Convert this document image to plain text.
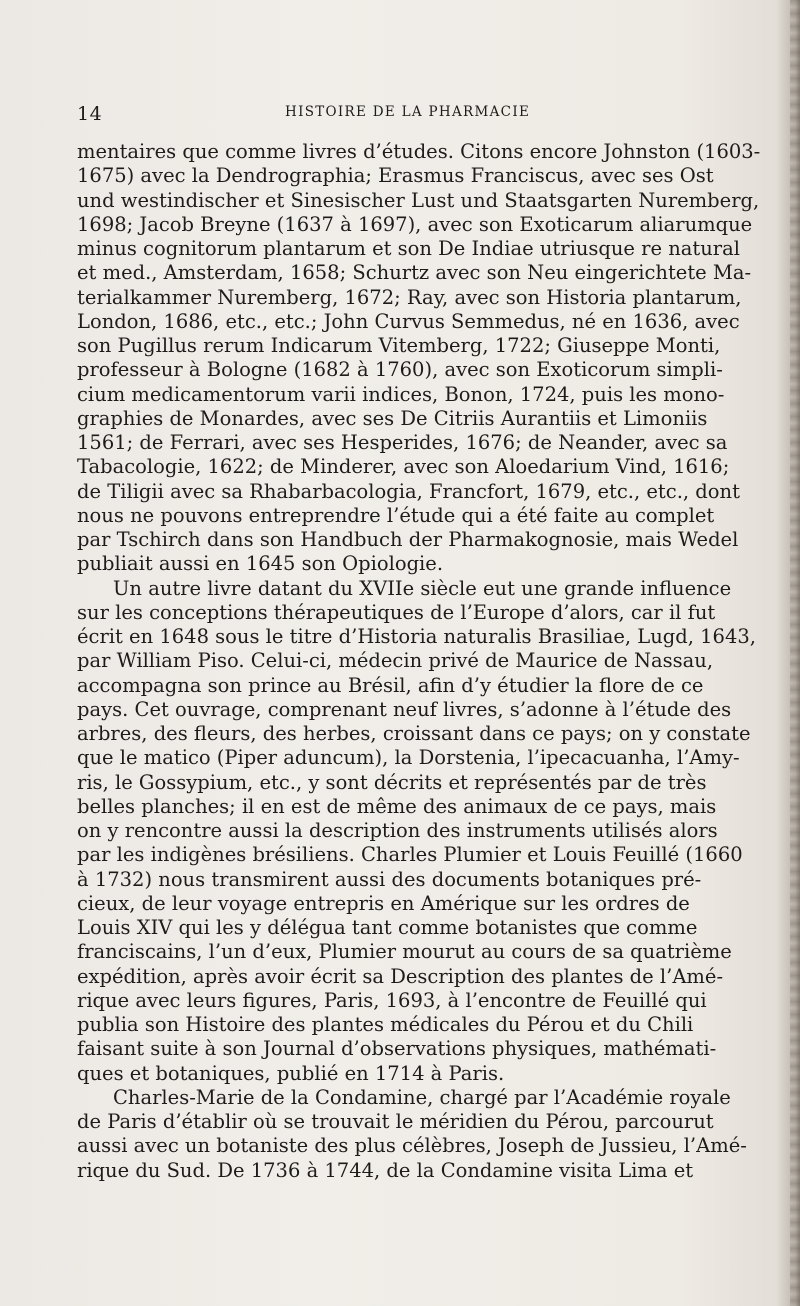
14	HISTOIRE DE LA PHARMACIE
mentaires que comme livres d’études. Citons encore Johnston (1603-
1675) avec la Dendrographia; Erasmus Franciscus, avec ses Ost
und westindischer et Sinesischer Lust und Staatsgarten Nuremberg,
1698; Jacob Breyne (1637 à 1697), avec son Exoticarum aliarumque
minus cognitorum plantarum et son De Indiae utriusque re natural
et med., Amsterdam, 1658; Schurtz avec son Neu eingerichtete Ma-
terialkammer Nuremberg, 1672; Ray, avec son Historia plantarum,
London, 1686, etc., etc.; John Curvus Semmedus, né en 1636, avec
son Pugillus rerum Indicarum Vitemberg, 1722; Giuseppe Monti,
professeur à Bologne (1682 à 1760), avec son Exoticorum simpli-
cium medicamentorum varii indices, Bonon, 1724, puis les mono-
graphies de Monardes, avec ses De Citriis Aurantiis et Limoniis
1561; de Ferrari, avec ses Hesperides, 1676; de Neander, avec sa
Tabacologie, 1622; de Minderer, avec son Aloedarium Vind, 1616;
de Tiligii avec sa Rhabarbacologia, Francfort, 1679, etc., etc., dont
nous ne pouvons entreprendre l’étude qui a été faite au complet
par Tschirch dans son Handbuch der Pharmakognosie, mais Wedel
publiait aussi en 1645 son Opiologie.
Un autre livre datant du XVIIe siècle eut une grande influence
sur les conceptions thérapeutiques de l’Europe d’alors, car il fut
écrit en 1648 sous le titre d’Historia naturalis Brasiliae, Lugd, 1643,
par William Piso. Celui-ci, médecin privé de Maurice de Nassau,
accompagna son prince au Brésil, afin d’y étudier la flore de ce
pays. Cet ouvrage, comprenant neuf livres, s’adonne à l’étude des
arbres, des fleurs, des herbes, croissant dans ce pays; on y constate
que le matico (Piper aduncum), la Dorstenia, l’ipecacuanha, l’Amy-
ris, le Gossypium, etc., y sont décrits et représentés par de très
belles planches; il en est de même des animaux de ce pays, mais
on y rencontre aussi la description des instruments utilisés alors
par les indigènes brésiliens. Charles Plumier et Louis Feuillé (1660
à 1732) nous transmirent aussi des documents botaniques pré-
cieux, de leur voyage entrepris en Amérique sur les ordres de
Louis XIV qui les y délégua tant comme botanistes que comme
franciscains, l’un d’eux, Plumier mourut au cours de sa quatrième
expédition, après avoir écrit sa Description des plantes de l’Amé-
rique avec leurs figures, Paris, 1693, à l’encontre de Feuillé qui
publia son Histoire des plantes médicales du Pérou et du Chili
faisant suite à son Journal d’observations physiques, mathémati-
ques et botaniques, publié en 1714 à Paris.
Charles-Marie de la Condamine, chargé par l’Académie royale
de Paris d’établir où se trouvait le méridien du Pérou, parcourut
aussi avec un botaniste des plus célèbres, Joseph de Jussieu, l’Amé-
rique du Sud. De 1736 à 1744, de la Condamine visita Lima et
